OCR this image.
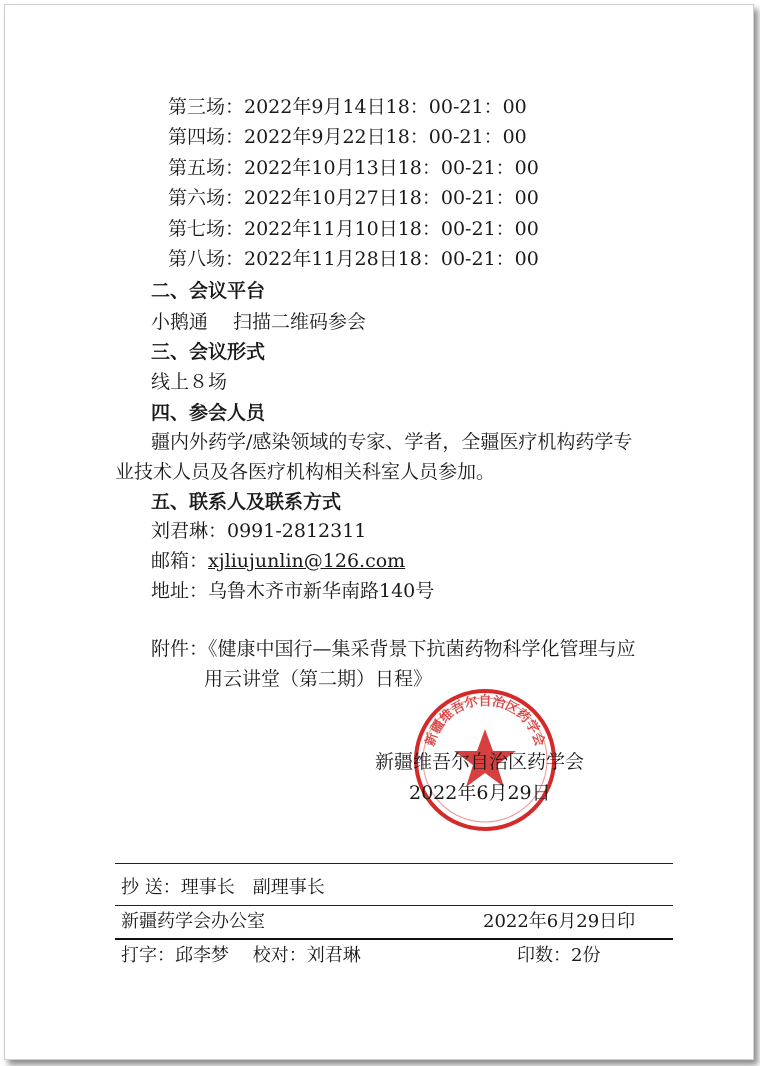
第三场：2022年9月14日18：00-21：00
第四场：2022年9月22日18：00-21：00
第五场：2022年10月13日18：00-21：00
第六场：2022年10月27日18：00-21：00
第七场：2022年11月10日18：00-21：00
第八场：2022年11月28日18：00-21：00
二、会议平台
小鹅通　 扫描二维码参会
三、会议形式
线上８场
四、参会人员
疆内外药学/感染领域的专家、学者，全疆医疗机构药学专
业技术人员及各医疗机构相关科室人员参加。
五、联系人及联系方式
刘君琳：0991-2812311
邮箱：xjliujunlin@126.com
地址：乌鲁木齐市新华南路140号
附件：《健康中国行—集采背景下抗菌药物科学化管理与应
用云讲堂（第二期）日程》
新疆维吾尔自治区药学会
新疆维吾尔自治区药学会
2022年6月29日
抄 送：理事长　副理事长
新疆药学会办公室	2022年6月29日印
打字：邱李梦　 校对：刘君琳	印数：2份
